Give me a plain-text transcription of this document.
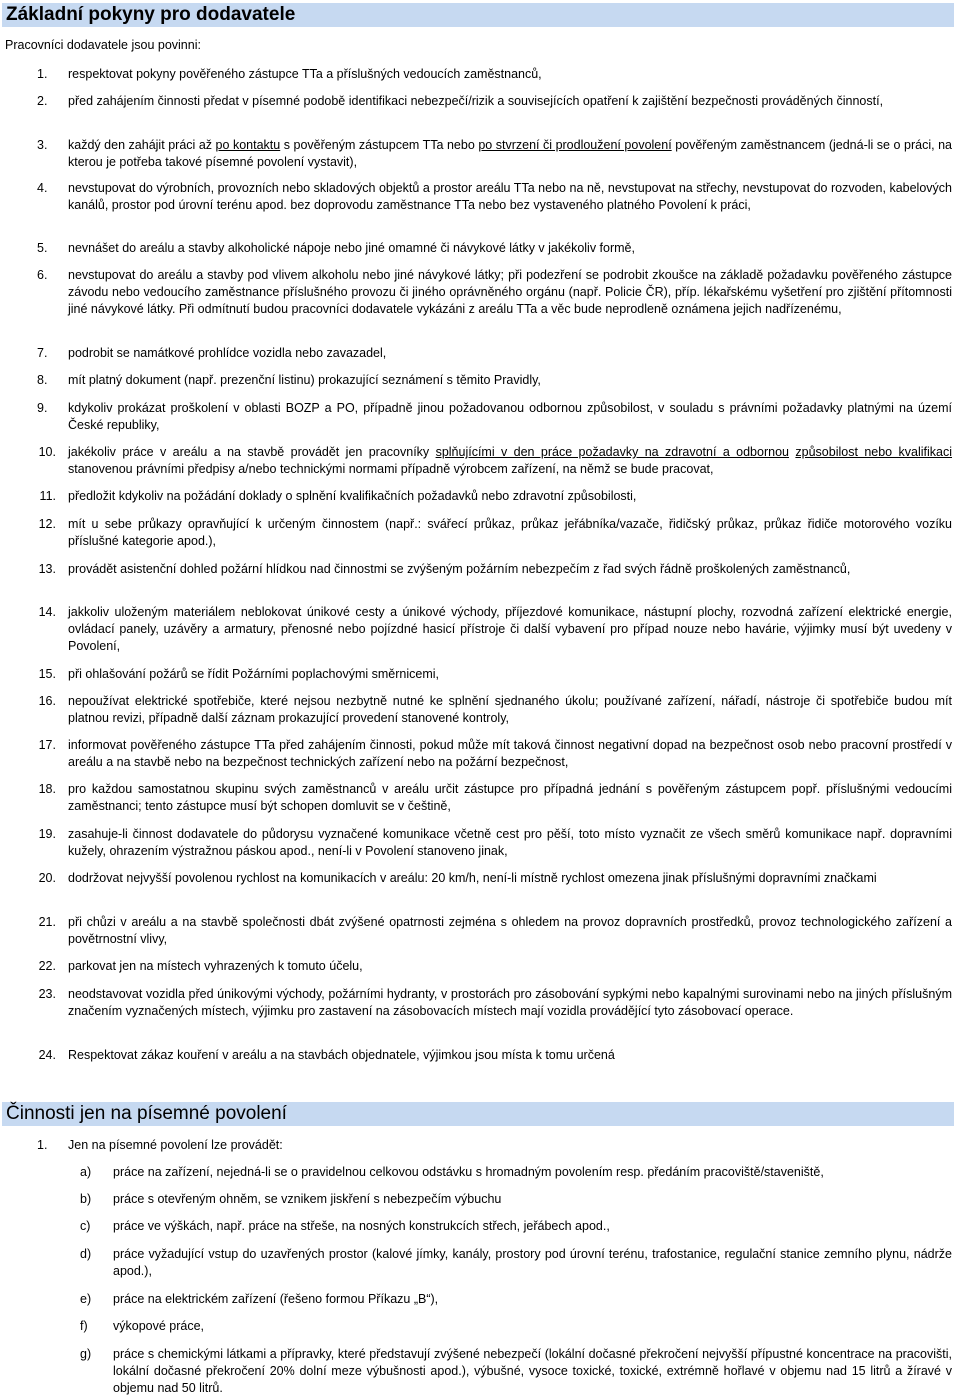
Základní pokyny pro dodavatele
Pracovníci dodavatele jsou povinni:
1. respektovat pokyny pověřeného zástupce TTa a příslušných vedoucích zaměstnanců,
2. před zahájením činnosti předat v písemné podobě identifikaci nebezpečí/rizik a souvisejících opatření k zajištění bezpečnosti prováděných činností,
3. každý den zahájit práci až po kontaktu s pověřeným zástupcem TTa nebo po stvrzení či prodloužení povolení pověřeným zaměstnancem (jedná-li se o práci, na kterou je potřeba takové písemné povolení vystavit),
4. nevstupovat do výrobních, provozních nebo skladových objektů a prostor areálu TTa nebo na ně, nevstupovat na střechy, nevstupovat do rozvoden, kabelových kanálů, prostor pod úrovní terénu apod. bez doprovodu zaměstnance TTa nebo bez vystaveného platného Povolení k práci,
5. nevnášet do areálu a stavby alkoholické nápoje nebo jiné omamné či návykové látky v jakékoliv formě,
6. nevstupovat do areálu a stavby pod vlivem alkoholu nebo jiné návykové látky; při podezření se podrobit zkoušce na základě požadavku pověřeného zástupce závodu nebo vedoucího zaměstnance příslušného provozu či jiného oprávněného orgánu (např. Policie ČR), příp. lékařskému vyšetření pro zjištění přítomnosti jiné návykové látky. Při odmítnutí budou pracovníci dodavatele vykázáni z areálu TTa a věc bude neprodleně oznámena jejich nadřízenému,
7. podrobit se namátkové prohlídce vozidla nebo zavazadel,
8. mít platný dokument (např. prezenční listinu) prokazující seznámení s těmito Pravidly,
9. kdykoliv prokázat proškolení v oblasti BOZP a PO, případně jinou požadovanou odbornou způsobilost, v souladu s právními požadavky platnými na území České republiky,
10. jakékoliv práce v areálu a na stavbě provádět jen pracovníky splňujícími v den práce požadavky na zdravotní a odbornou způsobilost nebo kvalifikaci stanovenou právními předpisy a/nebo technickými normami případně výrobcem zařízení, na němž se bude pracovat,
11. předložit kdykoliv na požádání doklady o splnění kvalifikačních požadavků nebo zdravotní způsobilosti,
12. mít u sebe průkazy opravňující k určeným činnostem (např.: svářecí průkaz, průkaz jeřábníka/vazače, řidičský průkaz, průkaz řidiče motorového vozíku příslušné kategorie apod.),
13. provádět asistenční dohled požární hlídkou nad činnostmi se zvýšeným požárním nebezpečím z řad svých řádně proškolených zaměstnanců,
14. jakkoliv uloženým materiálem neblokovat únikové cesty a únikové východy, příjezdové komunikace, nástupní plochy, rozvodná zařízení elektrické energie, ovládací panely, uzávěry a armatury, přenosné nebo pojízdné hasicí přístroje či další vybavení pro případ nouze nebo havárie, výjimky musí být uvedeny v Povolení,
15. při ohlašování požárů se řídit Požárními poplachovými směrnicemi,
16. nepoužívat elektrické spotřebiče, které nejsou nezbytně nutné ke splnění sjednaného úkolu; používané zařízení, nářadí, nástroje či spotřebiče budou mít platnou revizi, případně další záznam prokazující provedení stanovené kontroly,
17. informovat pověřeného zástupce TTa před zahájením činnosti, pokud může mít taková činnost negativní dopad na bezpečnost osob nebo pracovní prostředí v areálu a na stavbě nebo na bezpečnost technických zařízení nebo na požární bezpečnost,
18. pro každou samostatnou skupinu svých zaměstnanců v areálu určit zástupce pro případná jednání s pověřeným zástupcem popř. příslušnými vedoucími zaměstnanci; tento zástupce musí být schopen domluvit se v češtině,
19. zasahuje-li činnost dodavatele do půdorysu vyznačené komunikace včetně cest pro pěší, toto místo vyznačit ze všech směrů komunikace např. dopravními kužely, ohrazením výstražnou páskou apod., není-li v Povolení stanoveno jinak,
20. dodržovat nejvyšší povolenou rychlost na komunikacích v areálu: 20 km/h, není-li místně rychlost omezena jinak příslušnými dopravními značkami
21. při chůzi v areálu a na stavbě společnosti dbát zvýšené opatrnosti zejména s ohledem na provoz dopravních prostředků, provoz technologického zařízení a povětrnostní vlivy,
22. parkovat jen na místech vyhrazených k tomuto účelu,
23. neodstavovat vozidla před únikovými východy, požárními hydranty, v prostorách pro zásobování sypkými nebo kapalnými surovinami nebo na jiných příslušným značením vyznačených místech, výjimku pro zastavení na zásobovacích místech mají vozidla provádějící tyto zásobovací operace.
24. Respektovat zákaz kouření v areálu a na stavbách objednatele, výjimkou jsou místa k tomu určená
Činnosti jen na písemné povolení
1. Jen na písemné povolení lze provádět:
a) práce na zařízení, nejedná-li se o pravidelnou celkovou odstávku s hromadným povolením resp. předáním pracoviště/staveniště,
b) práce s otevřeným ohněm, se vznikem jiskření s nebezpečím výbuchu
c) práce ve výškách, např. práce na střeše, na nosných konstrukcích střech, jeřábech apod.,
d) práce vyžadující vstup do uzavřených prostor (kalové jímky, kanály, prostory pod úrovní terénu, trafostanice, regulační stanice zemního plynu, nádrže apod.),
e) práce na elektrickém zařízení (řešeno formou Příkazu „B“),
f) výkopové práce,
g) práce s chemickými látkami a přípravky, které představují zvýšené nebezpečí (lokální dočasné překročení nejvyšší přípustné koncentrace na pracovišti, lokální dočasné překročení 20% dolní meze výbušnosti apod.), výbušné, vysoce toxické, toxické, extrémně hořlavé v objemu nad 15 litrů a žíravé v objemu nad 50 litrů.
